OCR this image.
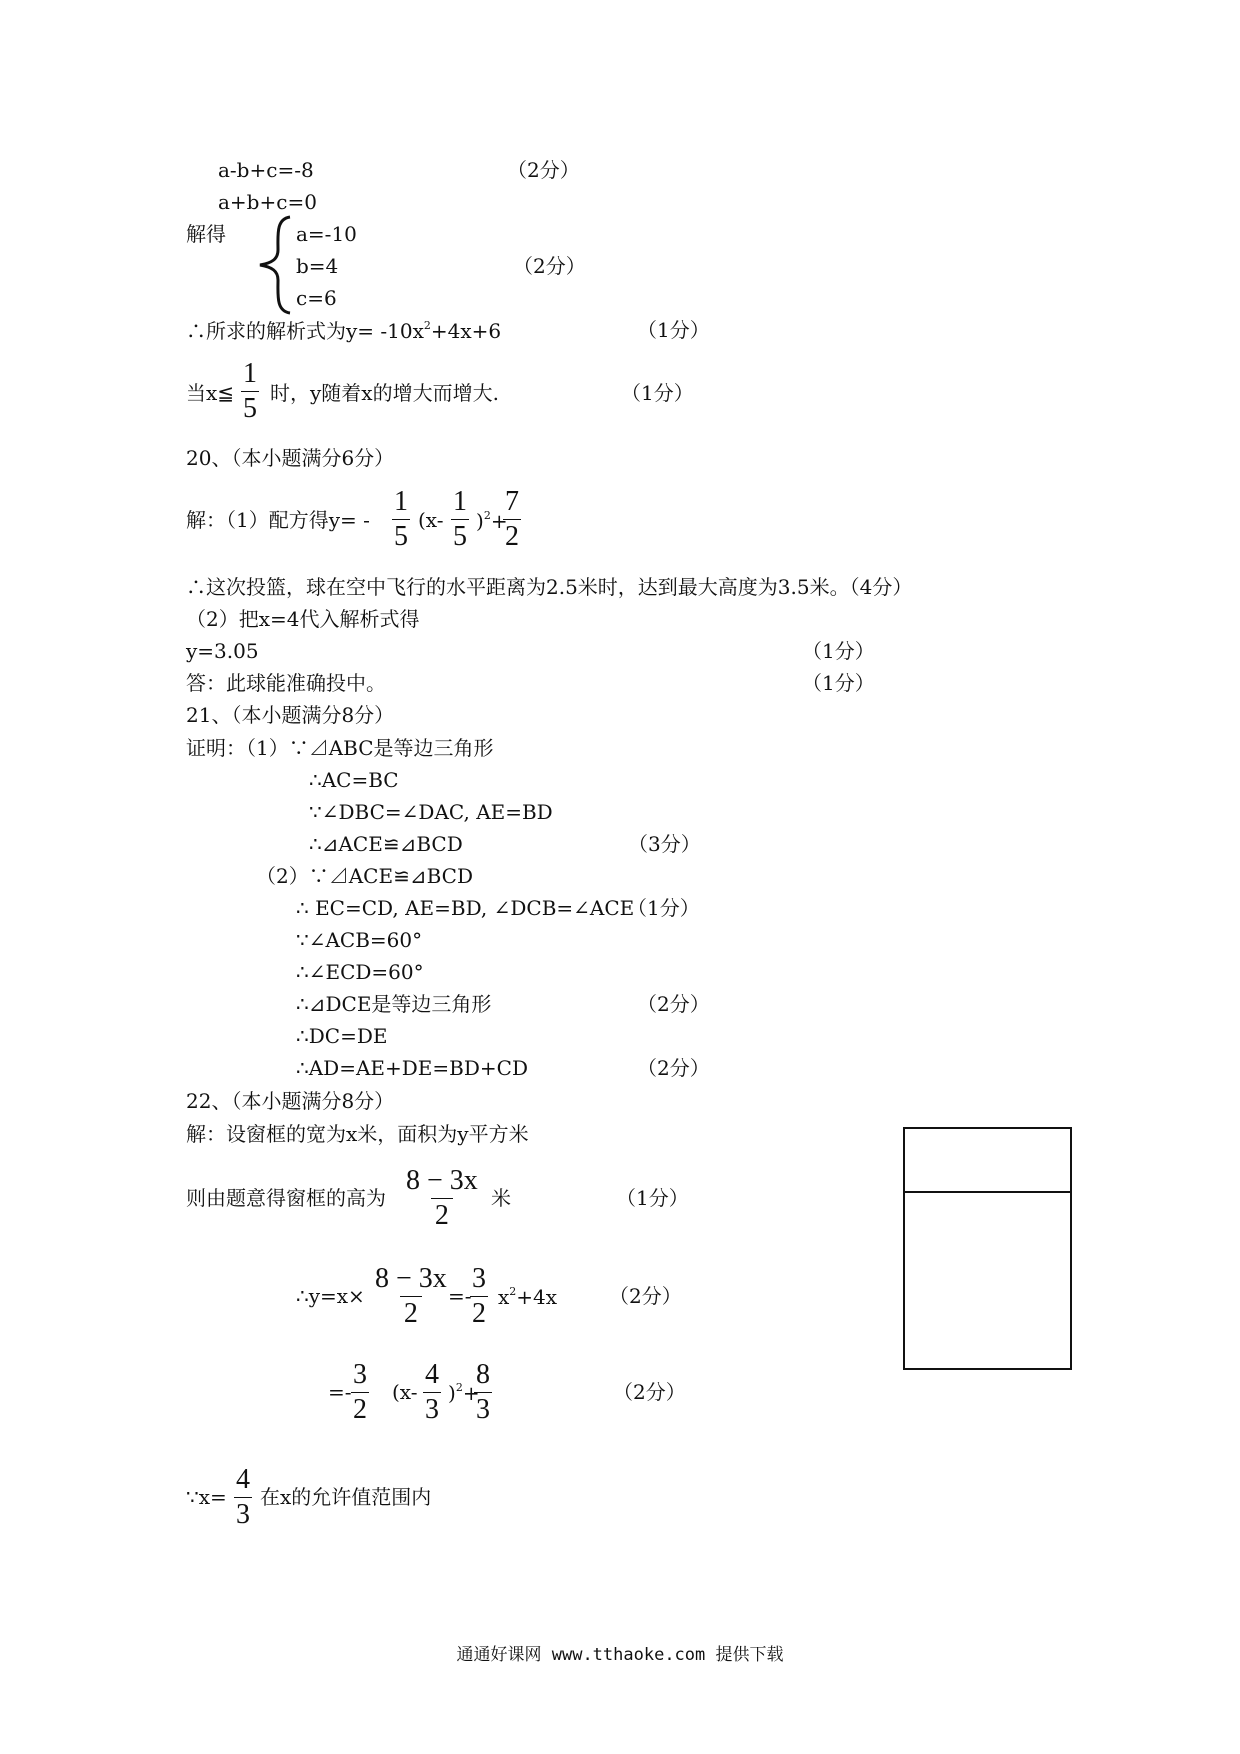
a-b+c=-8	（2分）
a+b+c=0
解得	a=-10
b=4	（2分）
c=6
∴所求的解析式为$y= -10x^2+4x+6$	（1分）
当x≦ $\frac{1}{5}$ 时，y随着x的增大而增大.	（1分）
20、（本小题满分6分）
解：（1）配方得$y= - \frac{1}{5} (x- \frac{1}{5} )^2+$
$\frac{7}{2}$
∴这次投篮，球在空中飞行的水平距离为2.5米时，达到最大高度为3.5米。（4分）
（2）把x=4代入解析式得
y=3.05	（1分）
答：此球能准确投中。	（1分）
21、（本小题满分8分）
证明：（1）∵⊿ABC是等边三角形
∴AC=BC
∵∠DBC=∠DAC, AE=BD
∴⊿ACE≌⊿BCD	（3分）
（2）∵⊿ACE≌⊿BCD
∴ EC=CD, AE=BD, ∠DCB=∠ACE
（1分）
∵∠ACB=60°
∴∠ECD=60°
∴⊿DCE是等边三角形	（2分）
∴DC=DE
∴AD=AE+DE=BD+CD	（2分）
22、（本小题满分8分）
解：设窗框的宽为x米，面积为y平方米
则由题意得窗框的高为 $\frac{8 - 3x}{2}$ 米	（1分）
∴y=x× $\frac{8 - 3x}{2}$
=-
$\frac{3}{2} x^2+4x$	（2分）
=- $\frac{3}{2} (x- \frac{4}{3} )^2+$
$\frac{8}{3}$	（2分）
∵x= $\frac{4}{3}$ 在x的允许值范围内
通通好课网 www.tthaoke.com 提供下载
